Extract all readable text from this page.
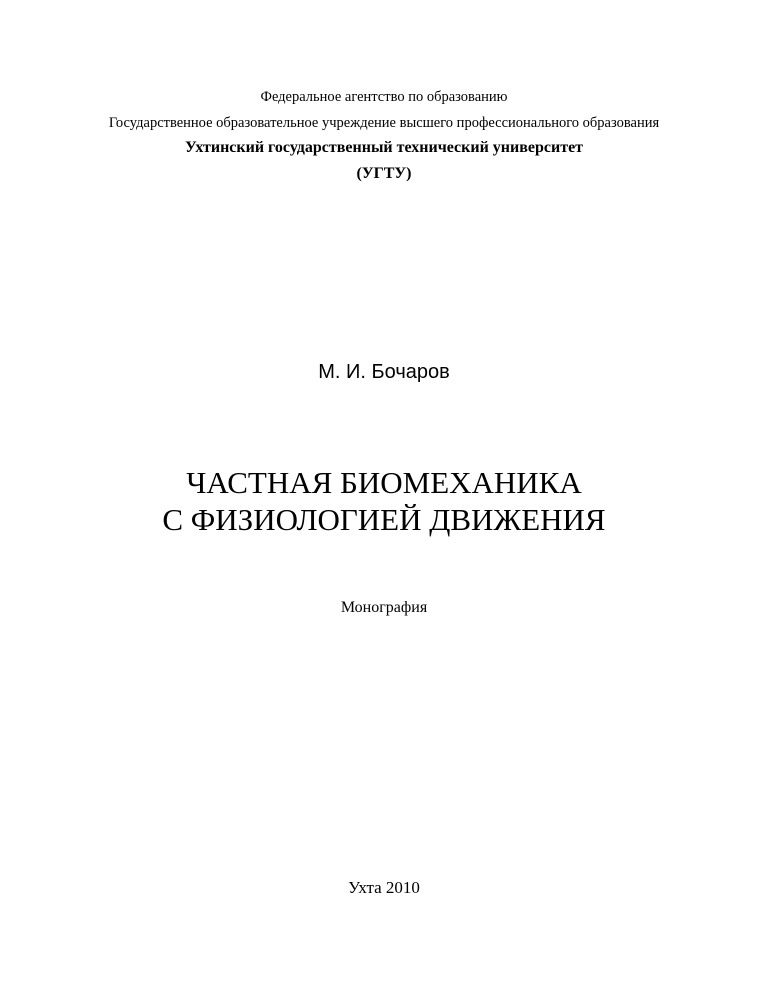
Федеральное агентство по образованию
Государственное образовательное учреждение высшего профессионального образования
Ухтинский государственный технический университет
(УГТУ)
М. И. Бочаров
ЧАСТНАЯ БИОМЕХАНИКА
С ФИЗИОЛОГИЕЙ ДВИЖЕНИЯ
Монография
Ухта 2010
